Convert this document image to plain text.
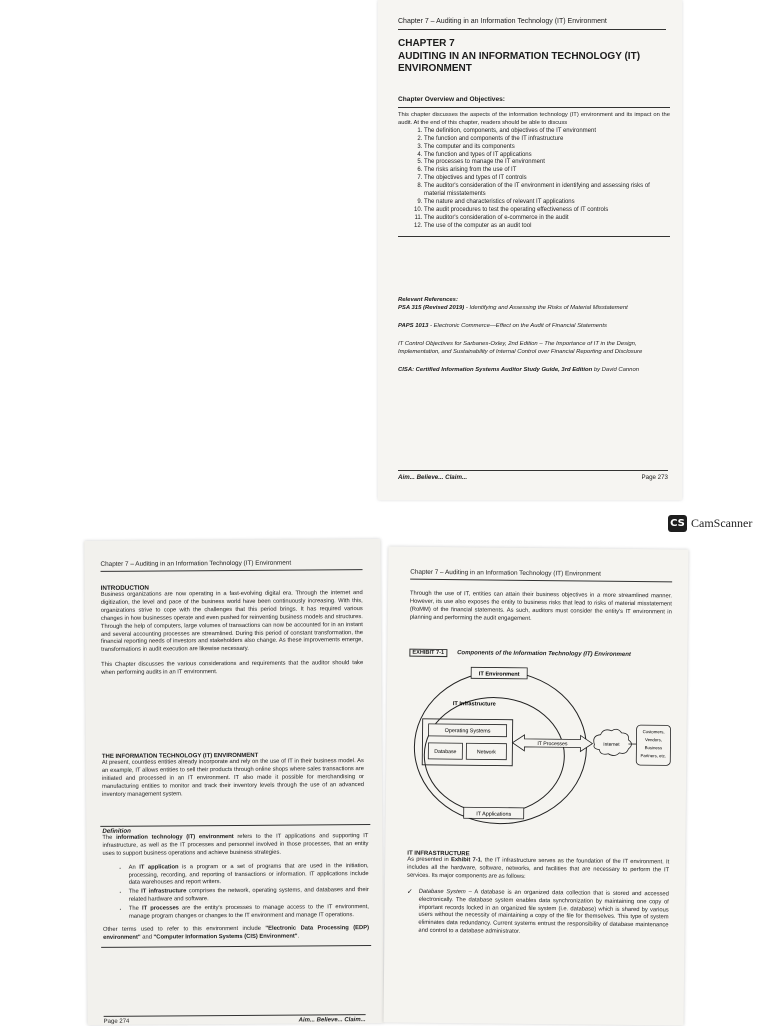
Chapter 7 – Auditing in an Information Technology (IT) Environment

CHAPTER 7
AUDITING IN AN INFORMATION TECHNOLOGY (IT) ENVIRONMENT
Chapter Overview and Objectives:
This chapter discusses the aspects of the information technology (IT) environment and its impact on the audit. At the end of this chapter, readers should be able to discuss
1. The definition, components, and objectives of the IT environment
2. The function and components of the IT infrastructure
3. The computer and its components
4. The function and types of IT applications
5. The processes to manage the IT environment
6. The risks arising from the use of IT
7. The objectives and types of IT controls
8. The auditor's consideration of the IT environment in identifying and assessing risks of material misstatements
9. The nature and characteristics of relevant IT applications
10. The audit procedures to test the operating effectiveness of IT controls
11. The auditor's consideration of e-commerce in the audit
12. The use of the computer as an audit tool
Relevant References:
PSA 315 (Revised 2019) - Identifying and Assessing the Risks of Material Misstatement
PAPS 1013 - Electronic Commerce—Effect on the Audit of Financial Statements
IT Control Objectives for Sarbanes-Oxley, 2nd Edition – The Importance of IT in the Design, Implementation, and Sustainability of Internal Control over Financial Reporting and Disclosure
CISA: Certified Information Systems Auditor Study Guide, 3rd Edition by David Cannon
Aim... Believe... Claim...	Page 273
CS CamScanner

Chapter 7 – Auditing in an Information Technology (IT) Environment

INTRODUCTION
Business organizations are now operating in a fast-evolving digital era. Through the internet and digitization, the level and pace of the business world have been continuously increasing. With this, organizations strive to cope with the challenges that this period brings. It has required various changes in how businesses operate and even pushed for reinventing business models and structures. Through the help of computers, large volumes of transactions can now be accounted for in an instant and several accounting processes are streamlined. During this period of constant transformation, the financial reporting needs of investors and stakeholders also change. As these improvements emerge, transformations in audit execution are likewise necessary.
This Chapter discusses the various considerations and requirements that the auditor should take when performing audits in an IT environment.
THE INFORMATION TECHNOLOGY (IT) ENVIRONMENT
At present, countless entities already incorporate and rely on the use of IT in their business model. As an example, IT allows entities to sell their products through online shops where sales transactions are initiated and processed in an IT environment. IT also made it possible for merchandising or manufacturing entities to monitor and track their inventory levels through the use of an advanced inventory management system.
Definition
The information technology (IT) environment refers to the IT applications and supporting IT infrastructure, as well as the IT processes and personnel involved in those processes, that an entity uses to support business operations and achieve business strategies.
• An IT application is a program or a set of programs that are used in the initiation, processing, recording, and reporting of transactions or information. IT applications include data warehouses and report writers.
• The IT infrastructure comprises the network, operating systems, and databases and their related hardware and software.
• The IT processes are the entity's processes to manage access to the IT environment, manage program changes or changes to the IT environment and manage IT operations.
Other terms used to refer to this environment include "Electronic Data Processing (EDP) environment" and "Computer Information Systems (CIS) Environment".
Page 274	Aim... Believe... Claim...

Chapter 7 – Auditing in an Information Technology (IT) Environment

Through the use of IT, entities can attain their business objectives in a more streamlined manner. However, its use also exposes the entity to business risks that lead to risks of material misstatement (RoMM) of the financial statements. As such, auditors must consider the entity's IT environment in planning and performing the audit engagement.
EXHIBIT 7-1	Components of the Information Technology (IT) Environment
IT Environment
IT Infrastructure
Operating Systems
Database	Network
IT Processes	Internet
Customers,
Vendors,
Business
Partners, etc.
IT Applications
IT INFRASTRUCTURE
As presented in Exhibit 7-1, the IT infrastructure serves as the foundation of the IT environment. It includes all the hardware, software, networks, and facilities that are necessary to perform the IT services. Its major components are as follows:
✓ Database System – A database is an organized data collection that is stored and accessed electronically. The database system enables data synchronization by maintaining one copy of important records locked in an organized file system (i.e. database) which is shared by various users without the necessity of maintaining a copy of the file for themselves. This type of system eliminates data redundancy. Current systems entrust the responsibility of database maintenance and control to a database administrator.
